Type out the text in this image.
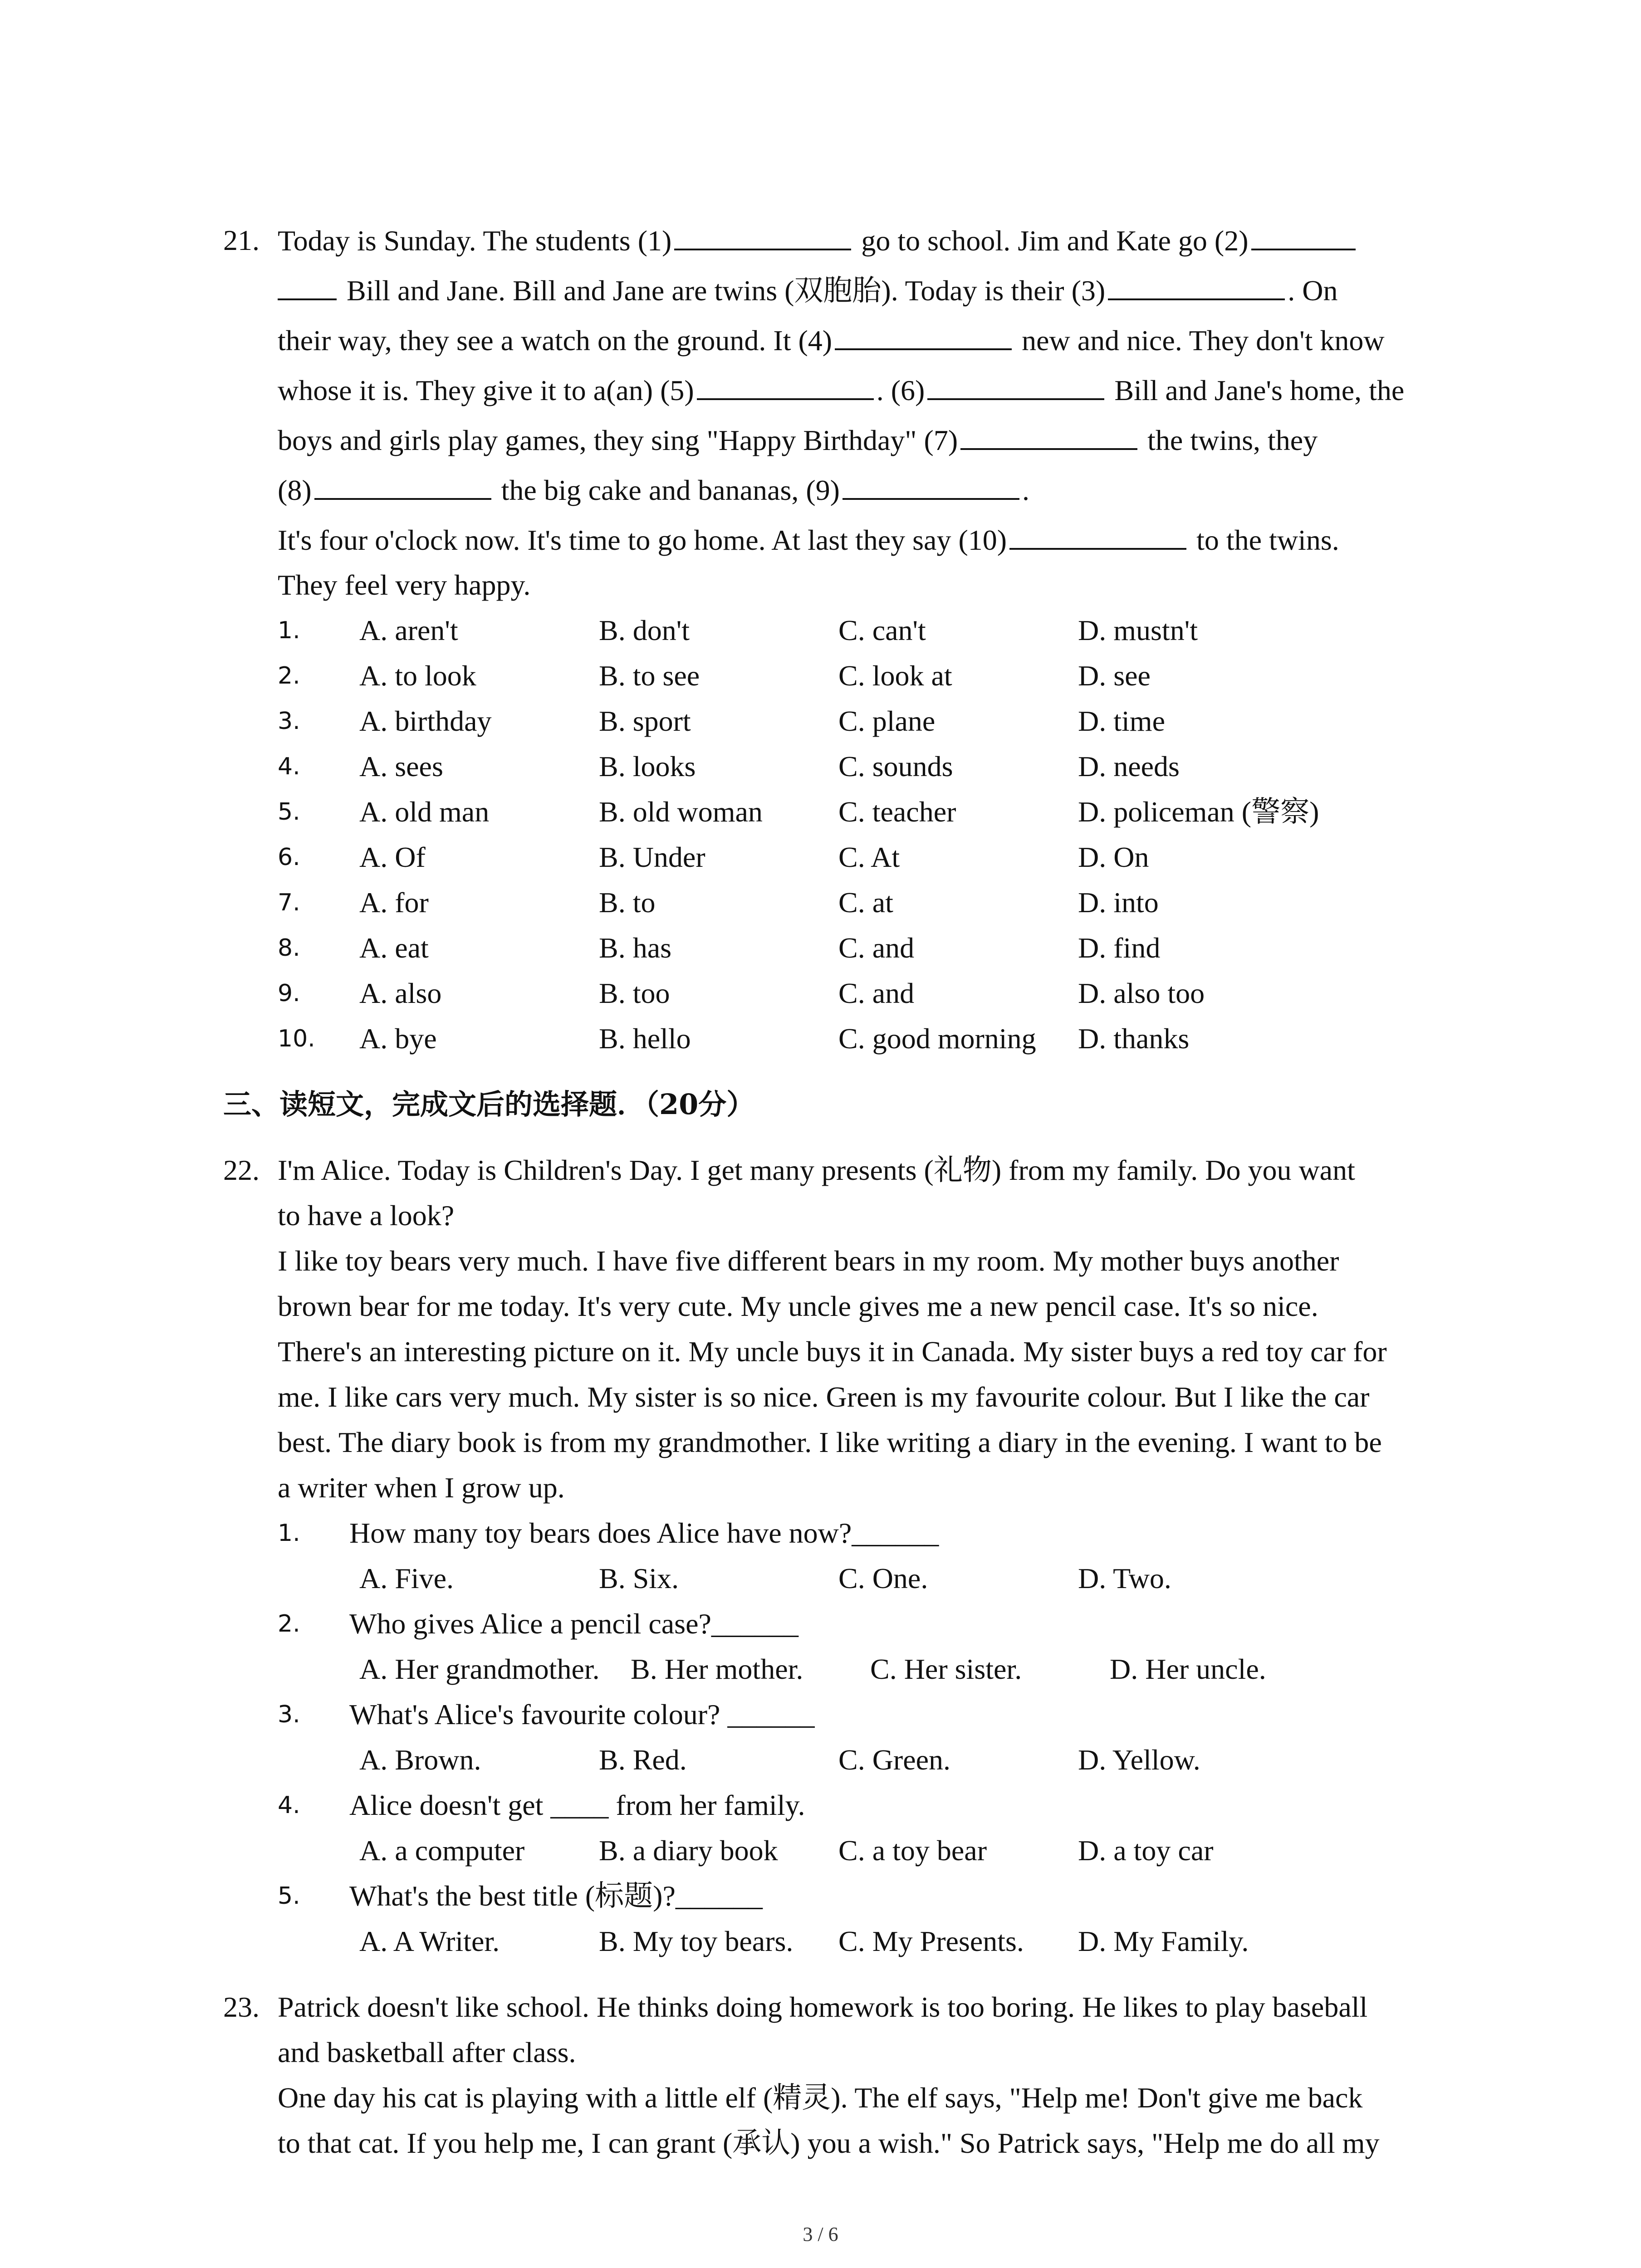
21. Today is Sunday. The students (1)	go to school. Jim and Kate go (2)
Bill and Jane. Bill and Jane are twins (双胞胎). Today is their (3)	. On
their way, they see a watch on the ground. It (4)	new and nice. They don't know
whose it is. They give it to a(an) (5)	. (6)	Bill and Jane's home, the
boys and girls play games, they sing "Happy Birthday" (7)	the twins, they
(8)	the big cake and bananas, (9)	.
It's four o'clock now. It's time to go home. At last they say (10)	to the twins.
They feel very happy.
1. A. aren't	B. don't	C. can't	D. mustn't
2. A. to look	B. to see	C. look at	D. see
3. A. birthday	B. sport	C. plane	D. time
4. A. sees	B. looks	C. sounds	D. needs
5. A. old man	B. old woman	C. teacher	D. policeman (警察)
6. A. Of	B. Under	C. At	D. On
7. A. for	B. to	C. at	D. into
8. A. eat	B. has	C. and	D. find
9. A. also	B. too	C. and	D. also too
10. A. bye	B. hello	C. good morning D. thanks
三、读短文，完成文后的选择题．（20分）
22. I'm Alice. Today is Children's Day. I get many presents (礼物) from my family. Do you want
to have a look?
I like toy bears very much. I have five different bears in my room. My mother buys another
brown bear for me today. It's very cute. My uncle gives me a new pencil case. It's so nice.
There's an interesting picture on it. My uncle buys it in Canada. My sister buys a red toy car for
me. I like cars very much. My sister is so nice. Green is my favourite colour. But I like the car
best. The diary book is from my grandmother. I like writing a diary in the evening. I want to be
a writer when I grow up.
1. How many toy bears does Alice have now?______
A. Five.	B. Six.	C. One.	D. Two.
2. Who gives Alice a pencil case?______
A. Her grandmother. B. Her mother. C. Her sister.	D. Her uncle.
3. What's Alice's favourite colour? ______
A. Brown.	B. Red.	C. Green.	D. Yellow.
4. Alice doesn't get ____ from her family.
A. a computer	B. a diary book C. a toy bear	D. a toy car
5. What's the best title (标题)?______
A. A Writer.	B. My toy bears. C. My Presents. D. My Family.
23. Patrick doesn't like school. He thinks doing homework is too boring. He likes to play baseball
and basketball after class.
One day his cat is playing with a little elf (精灵). The elf says, "Help me! Don't give me back
to that cat. If you help me, I can grant (承认) you a wish." So Patrick says, "Help me do all my
3 / 6
